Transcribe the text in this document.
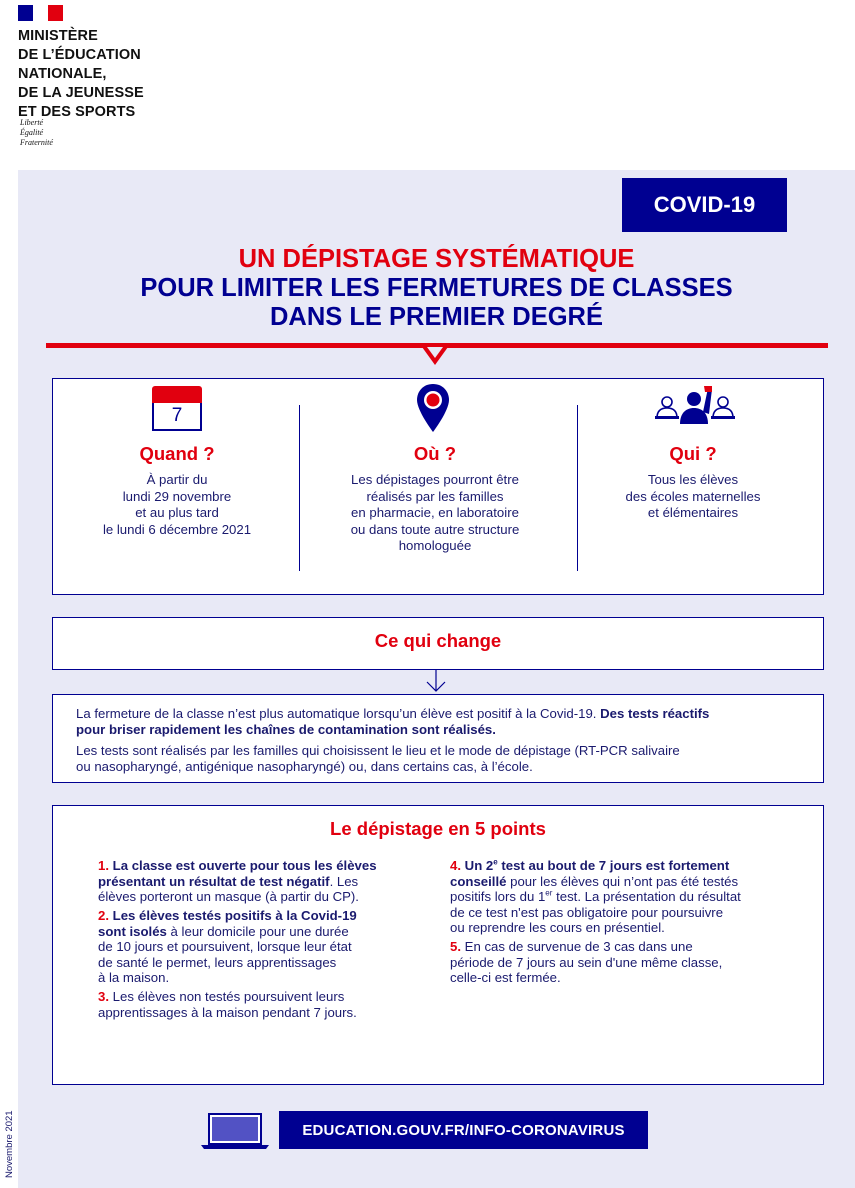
MINISTÈRE
DE L’ÉDUCATION
NATIONALE,
DE LA JEUNESSE
ET DES SPORTS
Liberté
Égalité
Fraternité
COVID-19
UN DÉPISTAGE SYSTÉMATIQUE
POUR LIMITER LES FERMETURES DE CLASSES
DANS LE PREMIER DEGRÉ
7
Quand ?
À partir du
lundi 29 novembre
et au plus tard
le lundi 6 décembre 2021
Où ?
Les dépistages pourront être
réalisés par les familles
en pharmacie, en laboratoire
ou dans toute autre structure
homologuée
Qui ?
Tous les élèves
des écoles maternelles
et élémentaires
Ce qui change
La fermeture de la classe n’est plus automatique lorsqu’un élève est positif à la Covid-19. Des tests réactifs
pour briser rapidement les chaînes de contamination sont réalisés.
Les tests sont réalisés par les familles qui choisissent le lieu et le mode de dépistage (RT-PCR salivaire
ou nasopharyngé, antigénique nasopharyngé) ou, dans certains cas, à l’école.
Le dépistage en 5 points
1. La classe est ouverte pour tous les élèves
présentant un résultat de test négatif. Les
élèves porteront un masque (à partir du CP).
2. Les élèves testés positifs à la Covid-19
sont isolés à leur domicile pour une durée
de 10 jours et poursuivent, lorsque leur état
de santé le permet, leurs apprentissages
à la maison.
3. Les élèves non testés poursuivent leurs
apprentissages à la maison pendant 7 jours.
4. Un 2e test au bout de 7 jours est fortement
conseillé pour les élèves qui n’ont pas été testés
positifs lors du 1er test. La présentation du résultat
de ce test n'est pas obligatoire pour poursuivre
ou reprendre les cours en présentiel.
5. En cas de survenue de 3 cas dans une
période de 7 jours au sein d'une même classe,
celle-ci est fermée.
EDUCATION.GOUV.FR/INFO-CORONAVIRUS
Novembre 2021
